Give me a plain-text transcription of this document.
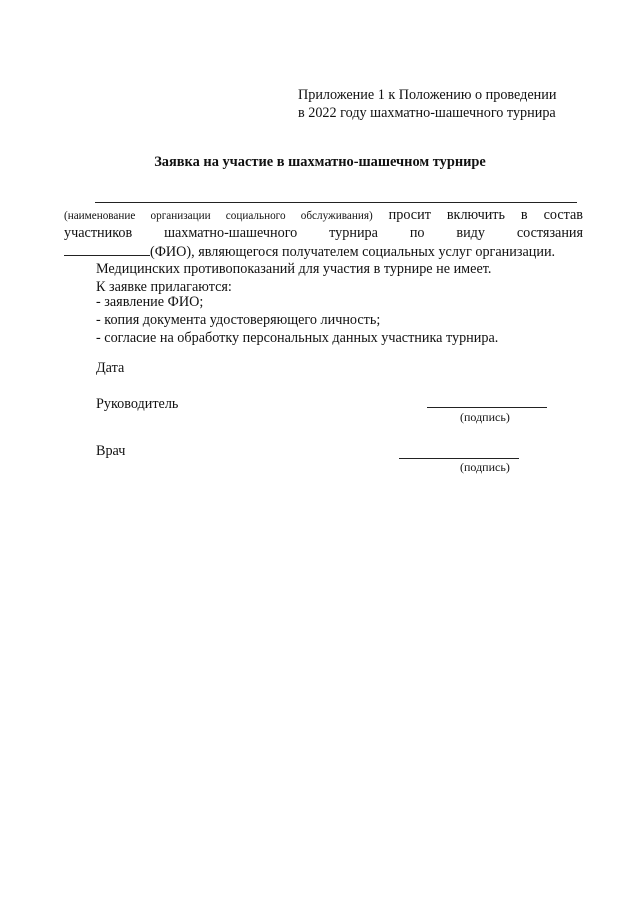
Приложение 1 к Положению о проведении
в 2022 году шахматно-шашечного турнира
Заявка на участие в шахматно-шашечном турнире
(наименование организации социального обслуживания) просит включить в состав
участников шахматно-шашечного турнира по виду состязания
(ФИО), являющегося получателем социальных услуг организации.
Медицинских противопоказаний для участия в турнире не имеет.
К заявке прилагаются:
- заявление ФИО;
- копия документа удостоверяющего личность;
- согласие на обработку персональных данных участника турнира.
Дата
Руководитель
(подпись)
Врач
(подпись)
